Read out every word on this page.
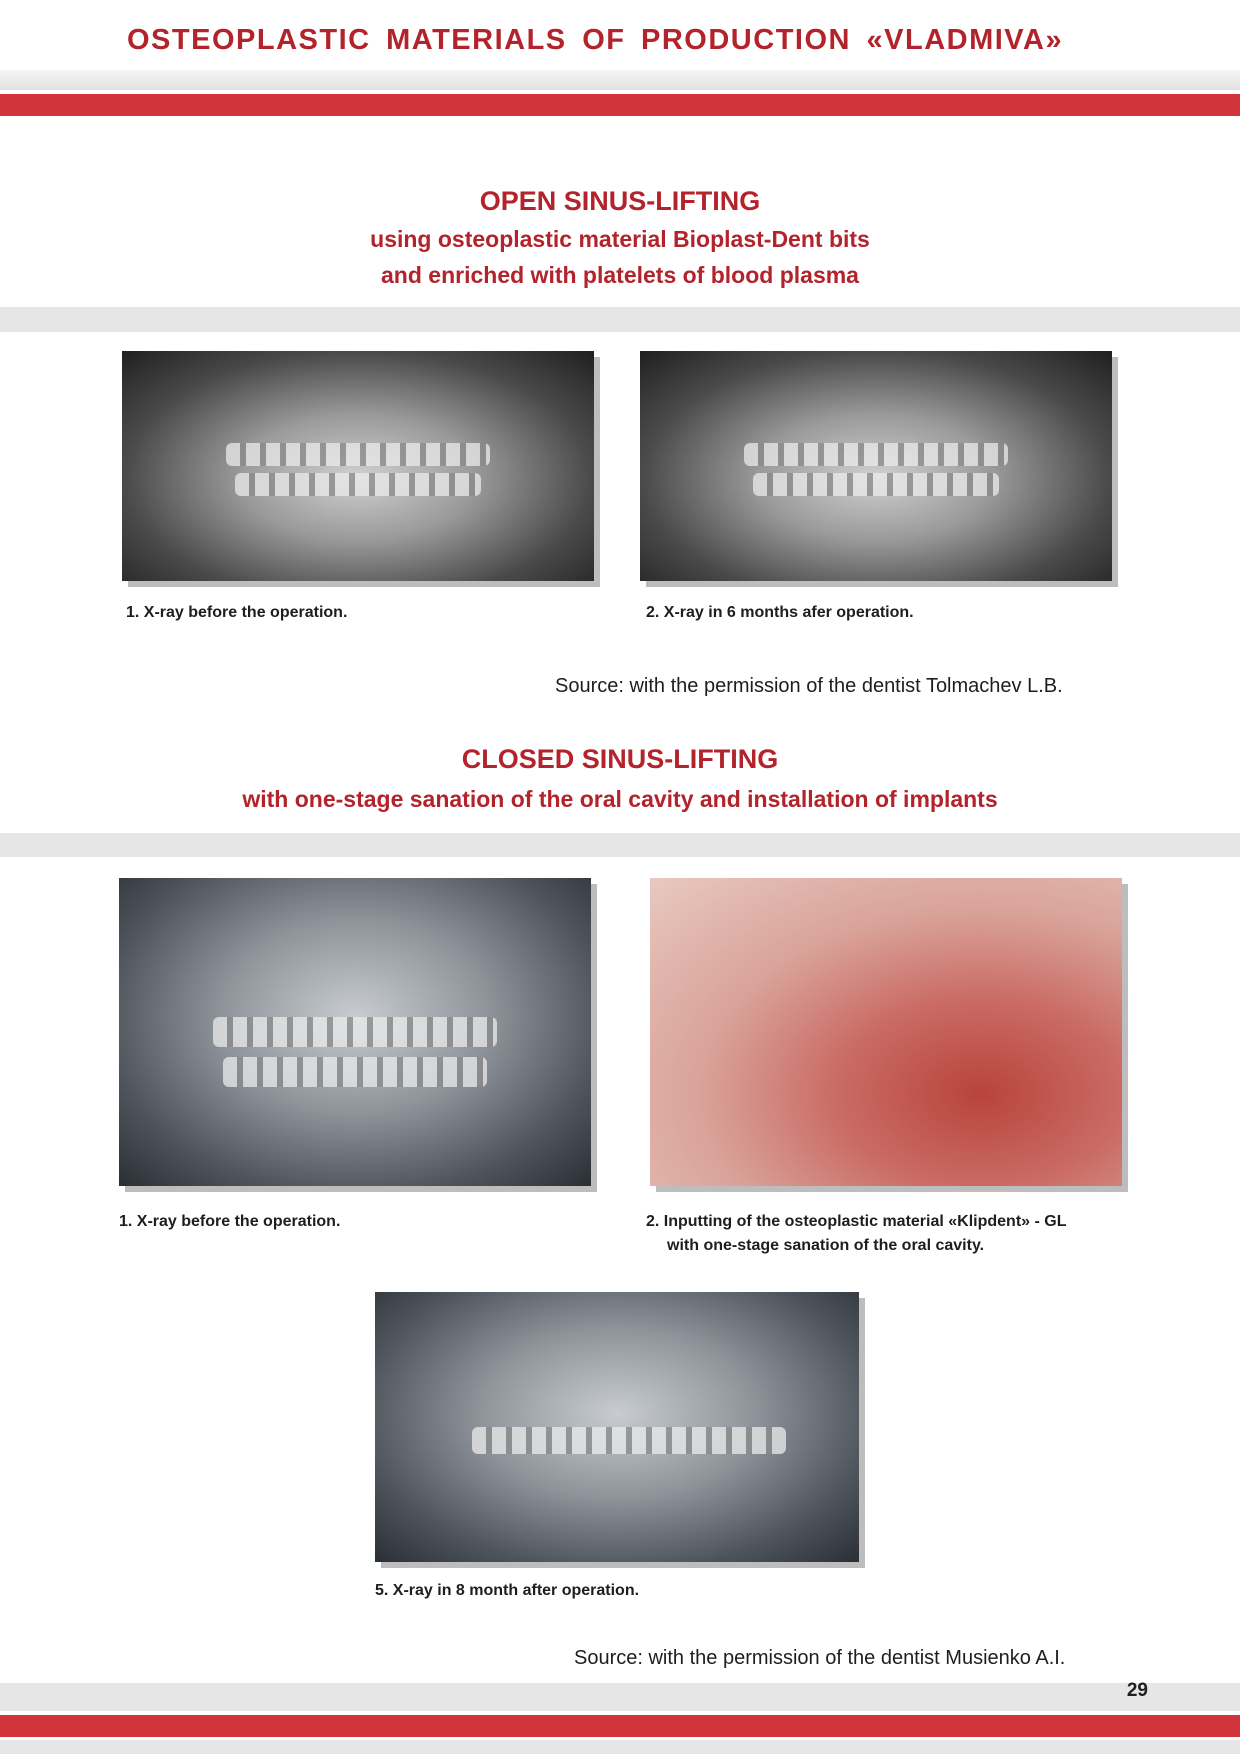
OSTEOPLASTIC MATERIALS OF PRODUCTION «VLADMIVA»
OPEN SINUS-LIFTING
using osteoplastic material Bioplast-Dent bits
and enriched with platelets of blood plasma
1. X-ray before the operation.	2. X-ray in 6 months afer operation.
Source: with the permission of the dentist Tolmachev L.B.
CLOSED SINUS-LIFTING
with one-stage sanation of the oral cavity and installation of implants
1. X-ray before the operation.	2. Inputting of the osteoplastic material «Klipdent» - GL
with one-stage sanation of the oral cavity.
5. X-ray in 8 month after operation.
Source: with the permission of the dentist Musienko A.I.
29
